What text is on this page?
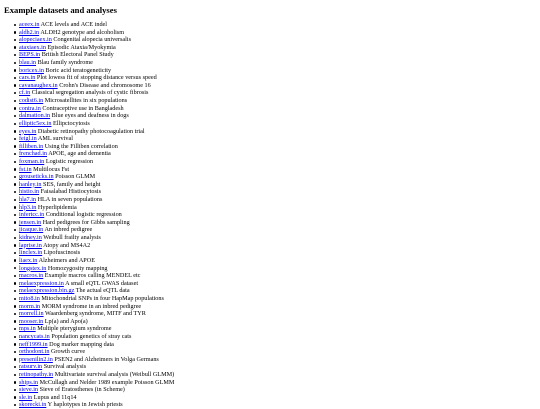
Example datasets and analyses
aceex.in ACE levels and ACE indel
aldh2.in ALDH2 genotype and alcoholism
alopeciaex.in Congenital alopecia universalis
ataxiaex.in Episodic Ataxia/Myokymia
BEPS.in British Electoral Panel Study
blau.in Blau family syndrome
boricex.in Boric acid teratogeneticity
cars.in Plot lowess fit of stopping distance versus speed
cavanaughex.in Crohn's Disease and chromosome 16
cf.in Classical segregation analysis of cystic fibrosis
codist6.in Microsatellites in six populations
contra.in Contraceptive use in Bangladesh
dalmation.in Blue eyes and deafness in dogs
elliptic5ex.in Ellipctocytosis
eyes.in Diabetic retinopathy photocoagulation trial
feigl.in AML survival
filliben.in Using the Filliben correlation
frenchad.in APOE, age and dementia
foxman.in Logistic regression
fst.in Multilocus Fst
grouseticks.in Poisson GLMM
hanley.in SES, family and height
histio.in Faisalabad Histiocytosis
hla7.in HLA in seven populations
hlp3.in Hyperlipidemia
infertcc.in Conditional logistic regression
jensen.in Hard pedigrees for Gibbs sampling
jicaque.in An inbred pedigree
kidney.in Weibull frailty analysis
laprise.in Atopy and MS4A2
linclex.in Lipofuscinosis
liaex.in Alzheimers and APOE
longstex.in Homozygosity mapping
macros.in Example macros calling MENDEL etc
melaexpression.in A small eQTL GWAS dataset
melaexpression.bin.gz The actual eQTL data
mito8.in Mitochondrial SNPs in four HapMap populations
morm.in MORM syndrome in an inbred pedigree
morrell.in Waardenberg syndrome, MITF and TYR
mooser.in Lp(a) and Apo(a)
mps.in Multiple pterygium syndrome
nancycats.in Population genetics of stray cats
neff1999.in Dog marker mapping data
orthodont.in Growth curve
presenilin2.in PSEN2 and Alzheimers in Volga Germans
ratsurv.in Survival analysis
retinopathy.in Multivariate survival analysis (Weibull GLMM)
ships.in McCullagh and Nelder 1989 example Poisson GLMM
sieve.in Sieve of Eratosthenes (in Scheme)
sle.in Lupus and 11q14
skorecki.in Y haplotypes in Jewish priests
